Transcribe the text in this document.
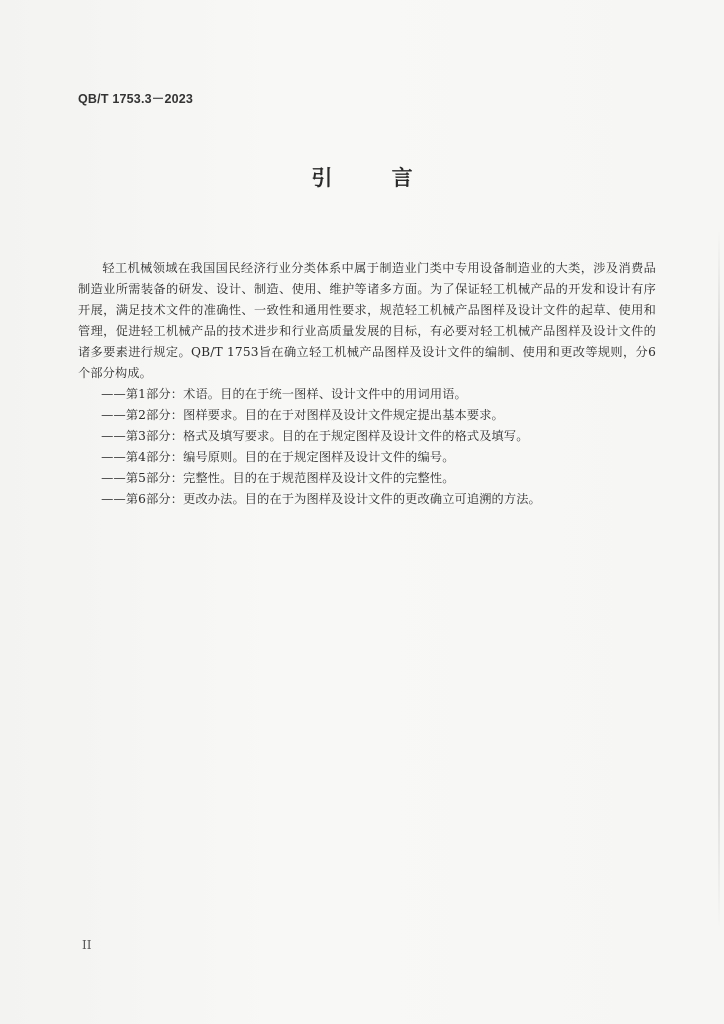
QB/T 1753.3－2023
引 言

轻工机械领域在我国国民经济行业分类体系中属于制造业门类中专用设备制造业的大类，涉及消费品制造业所需装备的研发、设计、制造、使用、维护等诸多方面。为了保证轻工机械产品的开发和设计有序开展，满足技术文件的准确性、一致性和通用性要求，规范轻工机械产品图样及设计文件的起草、使用和管理，促进轻工机械产品的技术进步和行业高质量发展的目标，有必要对轻工机械产品图样及设计文件的诸多要素进行规定。QB/T 1753旨在确立轻工机械产品图样及设计文件的编制、使用和更改等规则，分6个部分构成。

——第1部分：术语。目的在于统一图样、设计文件中的用词用语。
——第2部分：图样要求。目的在于对图样及设计文件规定提出基本要求。
——第3部分：格式及填写要求。目的在于规定图样及设计文件的格式及填写。
——第4部分：编号原则。目的在于规定图样及设计文件的编号。
——第5部分：完整性。目的在于规范图样及设计文件的完整性。
——第6部分：更改办法。目的在于为图样及设计文件的更改确立可追溯的方法。
II
